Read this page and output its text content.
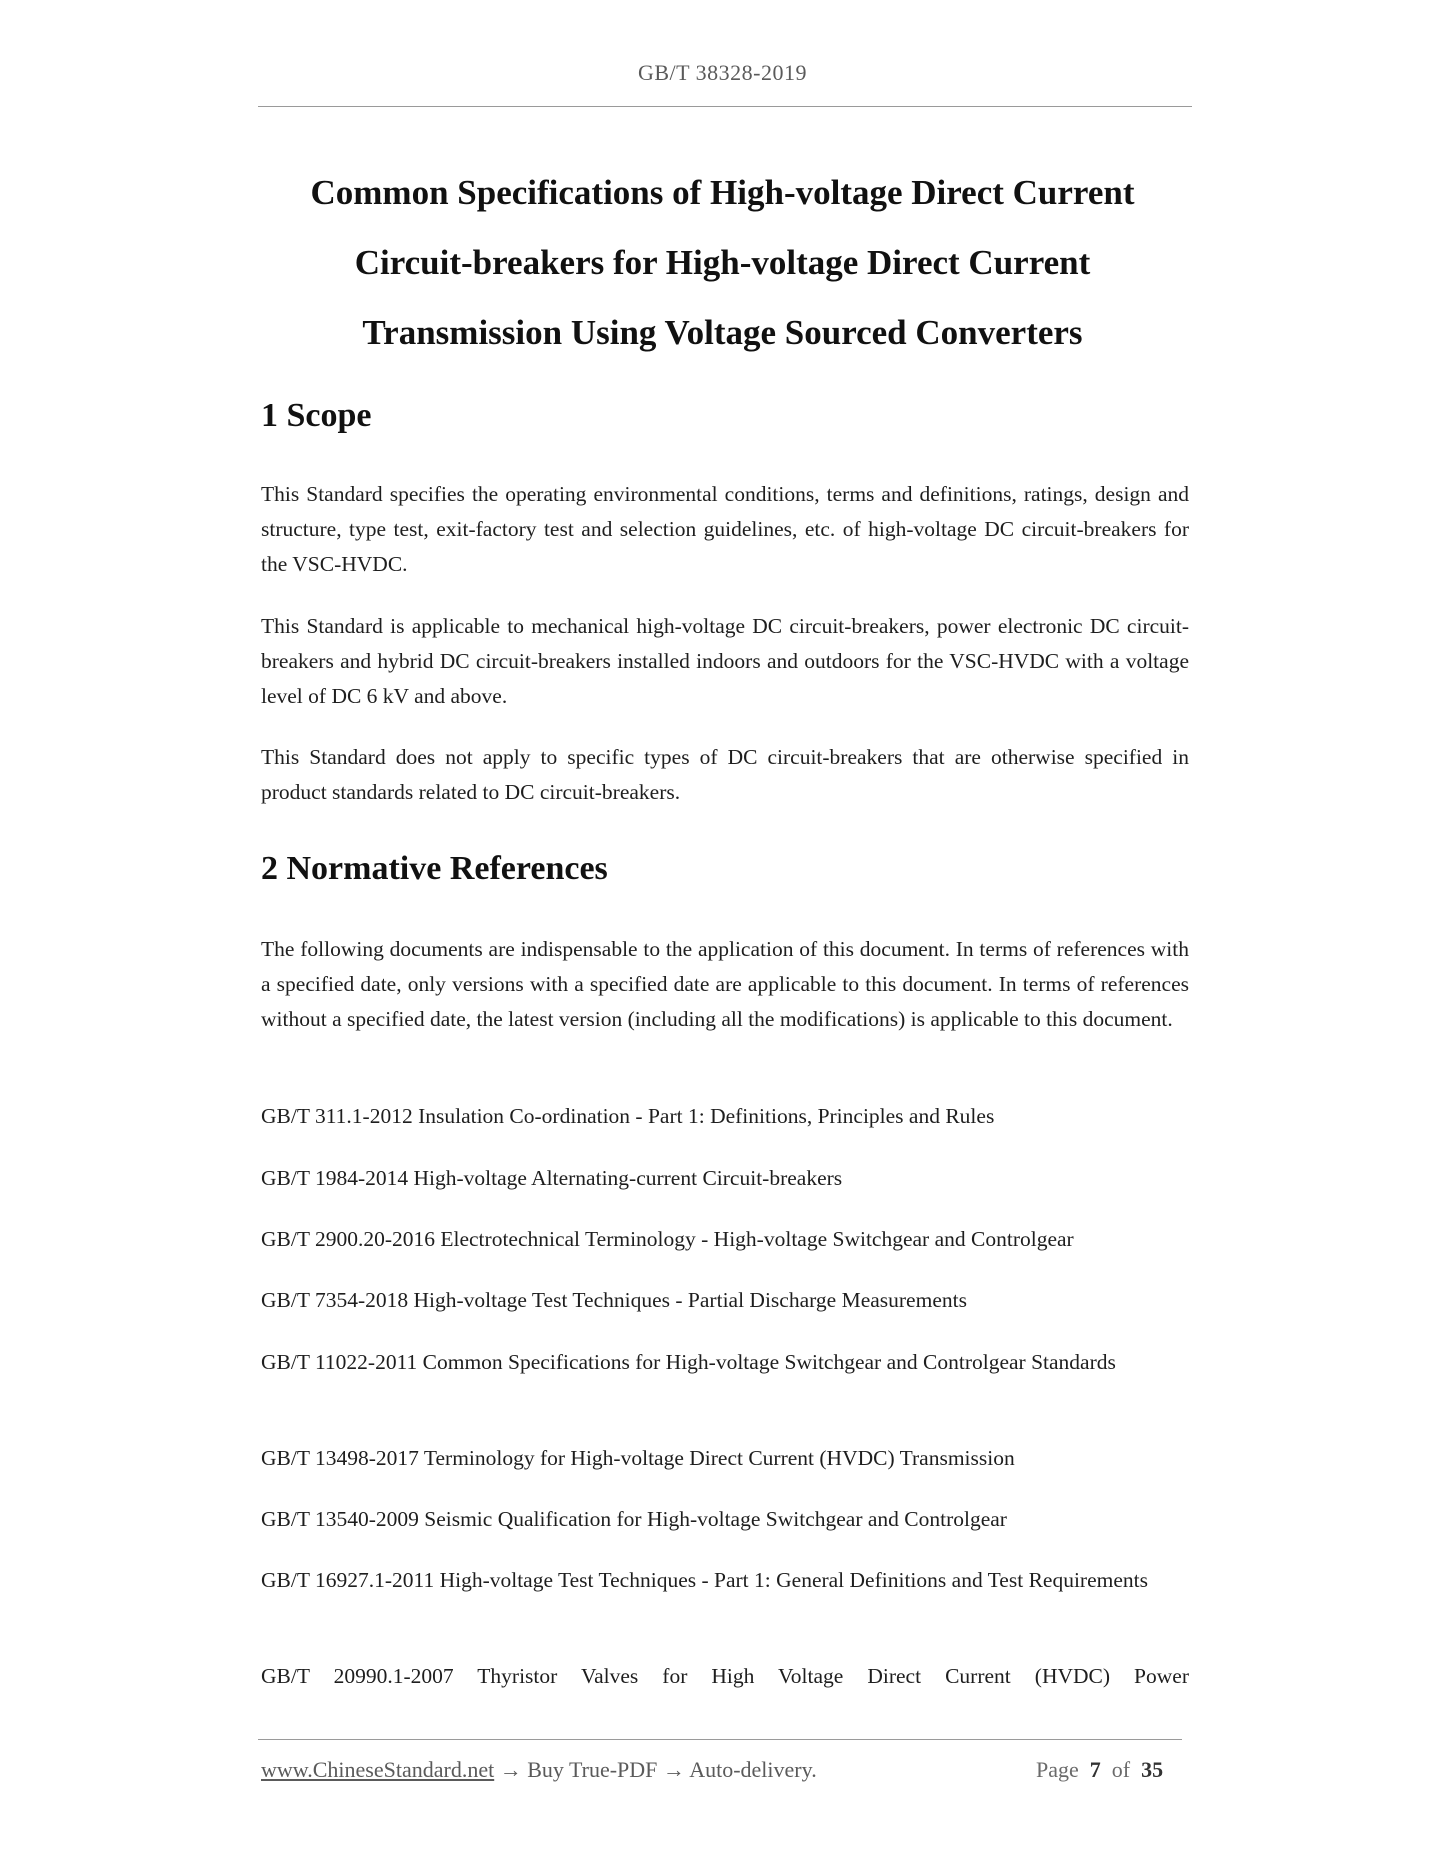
GB/T 38328-2019
Common Specifications of High-voltage Direct Current
Circuit-breakers for High-voltage Direct Current
Transmission Using Voltage Sourced Converters
1 Scope
This Standard specifies the operating environmental conditions, terms and definitions, ratings, design and structure, type test, exit-factory test and selection guidelines, etc. of high-voltage DC circuit-breakers for the VSC-HVDC.
This Standard is applicable to mechanical high-voltage DC circuit-breakers, power electronic DC circuit-breakers and hybrid DC circuit-breakers installed indoors and outdoors for the VSC-HVDC with a voltage level of DC 6 kV and above.
This Standard does not apply to specific types of DC circuit-breakers that are otherwise specified in product standards related to DC circuit-breakers.
2 Normative References
The following documents are indispensable to the application of this document. In terms of references with a specified date, only versions with a specified date are applicable to this document. In terms of references without a specified date, the latest version (including all the modifications) is applicable to this document.
GB/T 311.1-2012 Insulation Co-ordination - Part 1: Definitions, Principles and Rules
GB/T 1984-2014 High-voltage Alternating-current Circuit-breakers
GB/T 2900.20-2016 Electrotechnical Terminology - High-voltage Switchgear and Controlgear
GB/T 7354-2018 High-voltage Test Techniques - Partial Discharge Measurements
GB/T 11022-2011 Common Specifications for High-voltage Switchgear and Controlgear Standards
GB/T 13498-2017 Terminology for High-voltage Direct Current (HVDC) Transmission
GB/T 13540-2009 Seismic Qualification for High-voltage Switchgear and Controlgear
GB/T 16927.1-2011 High-voltage Test Techniques - Part 1: General Definitions and Test Requirements
GB/T 20990.1-2007 Thyristor Valves for High Voltage Direct Current (HVDC) Power
www.ChineseStandard.net → Buy True-PDF → Auto-delivery.	Page 7 of 35
